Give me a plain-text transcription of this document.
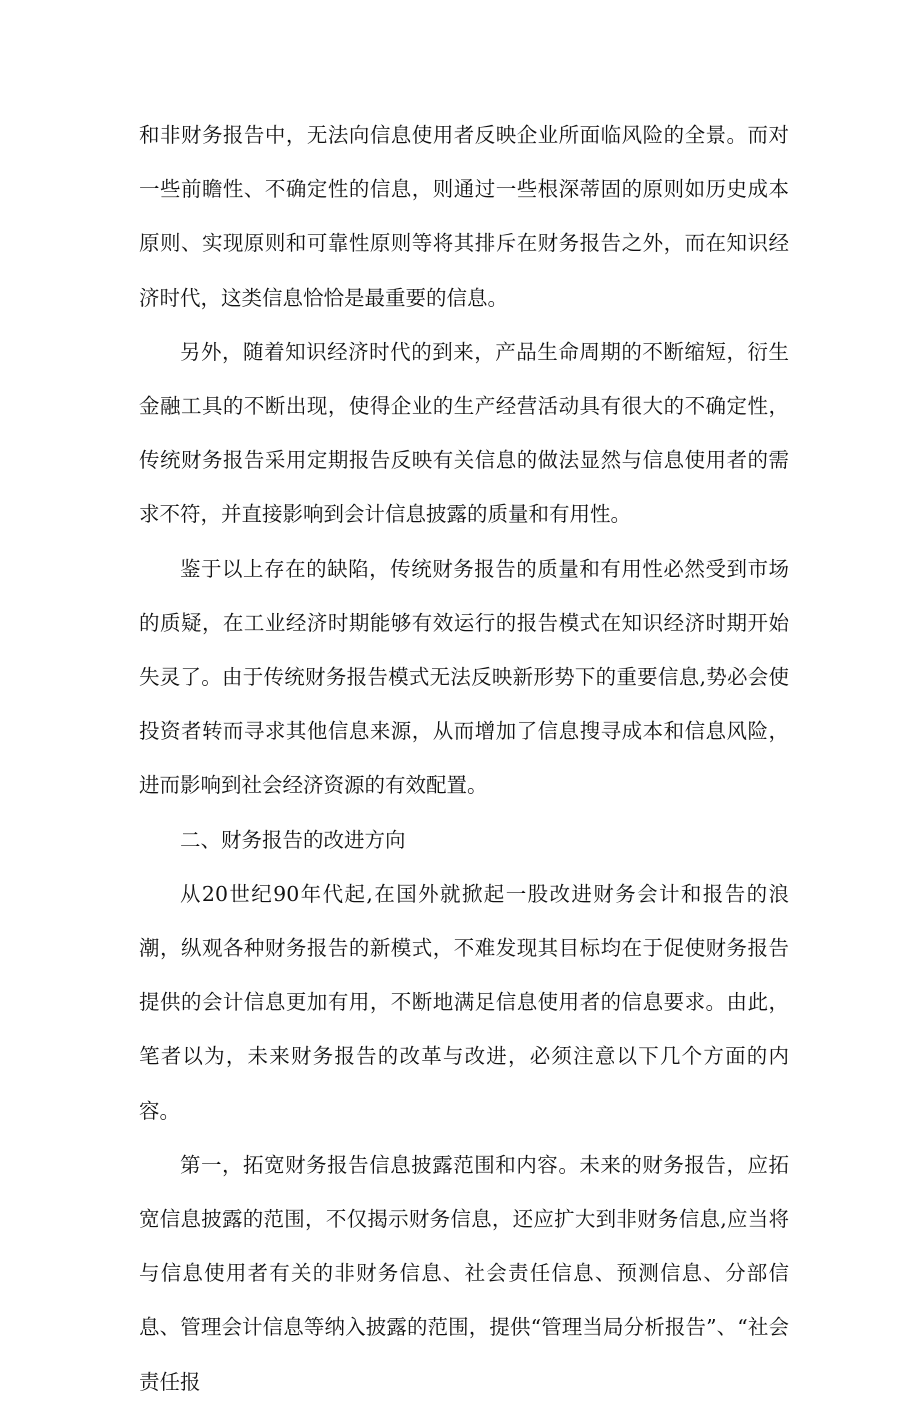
和非财务报告中，无法向信息使用者反映企业所面临风险的全景。而对一些前瞻性、不确定性的信息，则通过一些根深蒂固的原则如历史成本原则、实现原则和可靠性原则等将其排斥在财务报告之外，而在知识经济时代，这类信息恰恰是最重要的信息。

另外，随着知识经济时代的到来，产品生命周期的不断缩短，衍生金融工具的不断出现，使得企业的生产经营活动具有很大的不确定性，传统财务报告采用定期报告反映有关信息的做法显然与信息使用者的需求不符，并直接影响到会计信息披露的质量和有用性。

鉴于以上存在的缺陷，传统财务报告的质量和有用性必然受到市场的质疑，在工业经济时期能够有效运行的报告模式在知识经济时期开始失灵了。由于传统财务报告模式无法反映新形势下的重要信息,势必会使投资者转而寻求其他信息来源，从而增加了信息搜寻成本和信息风险，进而影响到社会经济资源的有效配置。

二、财务报告的改进方向

从20世纪90年代起,在国外就掀起一股改进财务会计和报告的浪潮，纵观各种财务报告的新模式，不难发现其目标均在于促使财务报告提供的会计信息更加有用，不断地满足信息使用者的信息要求。由此，笔者以为，未来财务报告的改革与改进，必须注意以下几个方面的内容。

第一，拓宽财务报告信息披露范围和内容。未来的财务报告，应拓宽信息披露的范围，不仅揭示财务信息，还应扩大到非财务信息,应当将与信息使用者有关的非财务信息、社会责任信息、预测信息、分部信息、管理会计信息等纳入披露的范围，提供“管理当局分析报告”、“社会责任报
